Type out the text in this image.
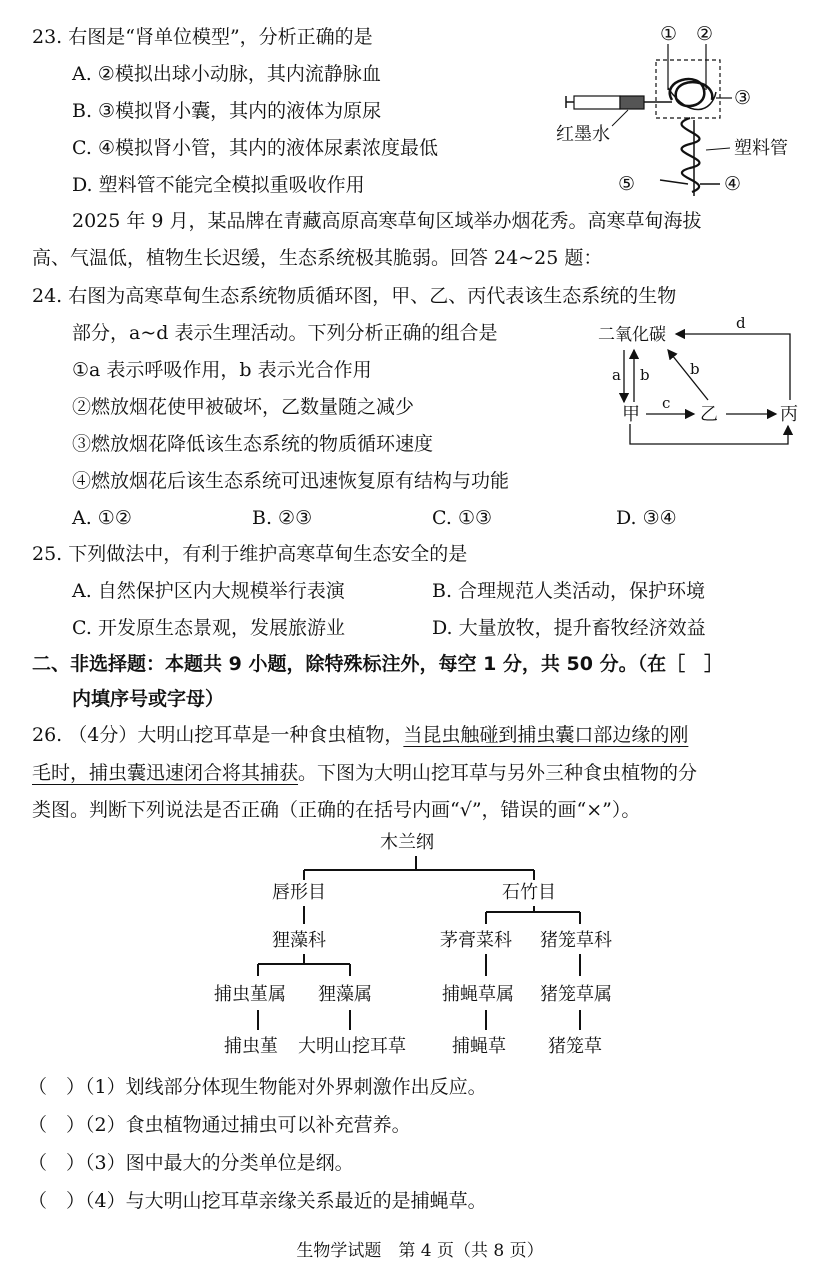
23. 右图是“肾单位模型”，分析正确的是
A. ②模拟出球小动脉，其内流静脉血
B. ③模拟肾小囊，其内的液体为原尿
C. ④模拟肾小管，其内的液体尿素浓度最低
D. 塑料管不能完全模拟重吸收作用
① ②
③
红墨水
塑料管
⑤	④
2025 年 9 月，某品牌在青藏高原高寒草甸区域举办烟花秀。高寒草甸海拔
高、气温低，植物生长迟缓，生态系统极其脆弱。回答 24~25 题：
24. 右图为高寒草甸生态系统物质循环图，甲、乙、丙代表该生态系统的生物
部分，a~d 表示生理活动。下列分析正确的组合是
①a 表示呼吸作用，b 表示光合作用
②燃放烟花使甲被破坏，乙数量随之减少
③燃放烟花降低该生态系统的物质循环速度
④燃放烟花后该生态系统可迅速恢复原有结构与功能
A. ①②	B. ②③	C. ①③	D. ③④
二氧化碳
甲	乙	丙
a b	b
c
d
25. 下列做法中，有利于维护高寒草甸生态安全的是
A. 自然保护区内大规模举行表演	B. 合理规范人类活动，保护环境
C. 开发原生态景观，发展旅游业	D. 大量放牧，提升畜牧经济效益
二、非选择题：本题共 9 小题，除特殊标注外，每空 1 分，共 50 分。（在［　］
内填序号或字母）
26. （4分）大明山挖耳草是一种食虫植物，当昆虫触碰到捕虫囊口部边缘的刚
毛时，捕虫囊迅速闭合将其捕获。下图为大明山挖耳草与另外三种食虫植物的分
类图。判断下列说法是否正确（正确的在括号内画“√”，错误的画“×”）。
木兰纲
唇形目	石竹目
狸藻科	茅膏菜科 猪笼草科
捕虫堇属 狸藻属	捕蝇草属 猪笼草属
捕虫堇 大明山挖耳草	捕蝇草 猪笼草
（　）（1）划线部分体现生物能对外界刺激作出反应。
（　）（2）食虫植物通过捕虫可以补充营养。
（　）（3）图中最大的分类单位是纲。
（　）（4）与大明山挖耳草亲缘关系最近的是捕蝇草。
生物学试题　第 4 页（共 8 页）
